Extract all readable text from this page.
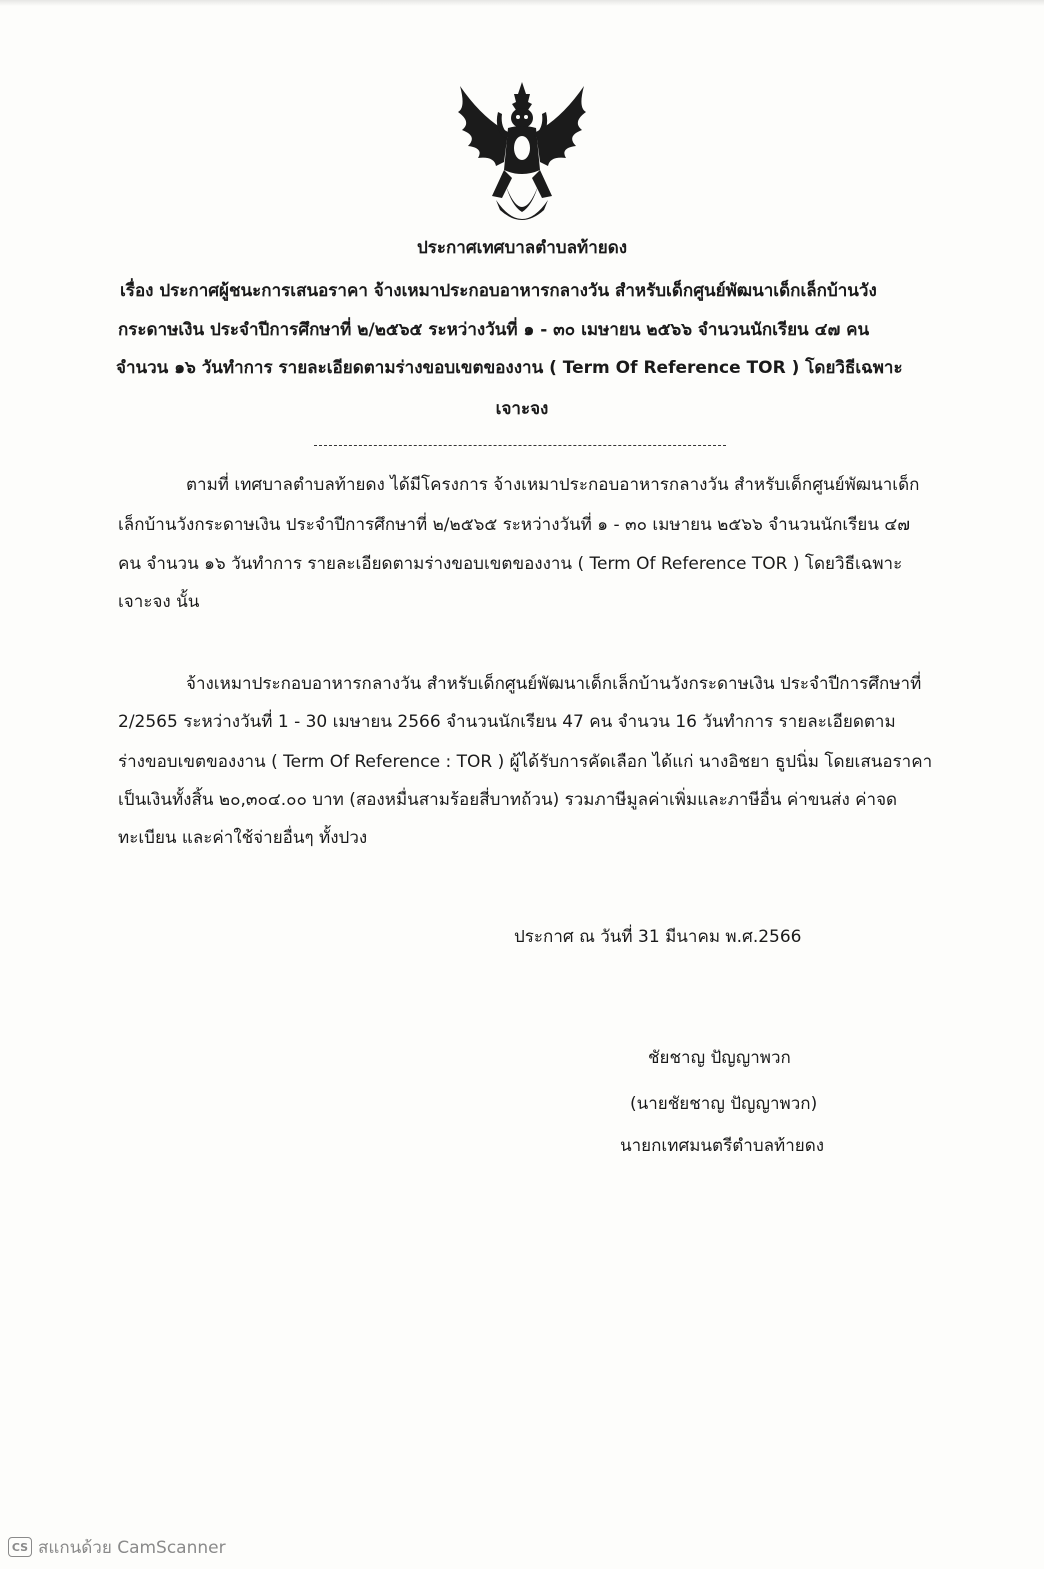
ประกาศเทศบาลตำบลท้ายดง
เรื่อง ประกาศผู้ชนะการเสนอราคา จ้างเหมาประกอบอาหารกลางวัน สำหรับเด็กศูนย์พัฒนาเด็กเล็กบ้านวัง
กระดาษเงิน ประจำปีการศึกษาที่ ๒/๒๕๖๕ ระหว่างวันที่ ๑ - ๓๐ เมษายน ๒๕๖๖ จำนวนนักเรียน ๔๗ คน
จำนวน ๑๖ วันทำการ รายละเอียดตามร่างขอบเขตของงาน ( Term Of Reference TOR ) โดยวิธีเฉพาะ
เจาะจง
ตามที่ เทศบาลตำบลท้ายดง ได้มีโครงการ จ้างเหมาประกอบอาหารกลางวัน สำหรับเด็กศูนย์พัฒนาเด็ก
เล็กบ้านวังกระดาษเงิน ประจำปีการศึกษาที่ ๒/๒๕๖๕ ระหว่างวันที่ ๑ - ๓๐ เมษายน ๒๕๖๖ จำนวนนักเรียน ๔๗
คน จำนวน ๑๖ วันทำการ รายละเอียดตามร่างขอบเขตของงาน ( Term Of Reference TOR ) โดยวิธีเฉพาะ
เจาะจง นั้น
จ้างเหมาประกอบอาหารกลางวัน สำหรับเด็กศูนย์พัฒนาเด็กเล็กบ้านวังกระดาษเงิน ประจำปีการศึกษาที่
2/2565 ระหว่างวันที่ 1 - 30 เมษายน 2566 จำนวนนักเรียน 47 คน จำนวน 16 วันทำการ รายละเอียดตาม
ร่างขอบเขตของงาน ( Term Of Reference : TOR ) ผู้ได้รับการคัดเลือก ได้แก่ นางอิชยา ธูปนิ่ม โดยเสนอราคา
เป็นเงินทั้งสิ้น ๒๐,๓๐๔.๐๐ บาท (สองหมื่นสามร้อยสี่บาทถ้วน) รวมภาษีมูลค่าเพิ่มและภาษีอื่น ค่าขนส่ง ค่าจด
ทะเบียน และค่าใช้จ่ายอื่นๆ ทั้งปวง
ประกาศ ณ วันที่ 31 มีนาคม พ.ศ.2566
ชัยชาญ ปัญญาพวก
(นายชัยชาญ ปัญญาพวก)
นายกเทศมนตรีตำบลท้ายดง
CS สแกนด้วย CamScanner
